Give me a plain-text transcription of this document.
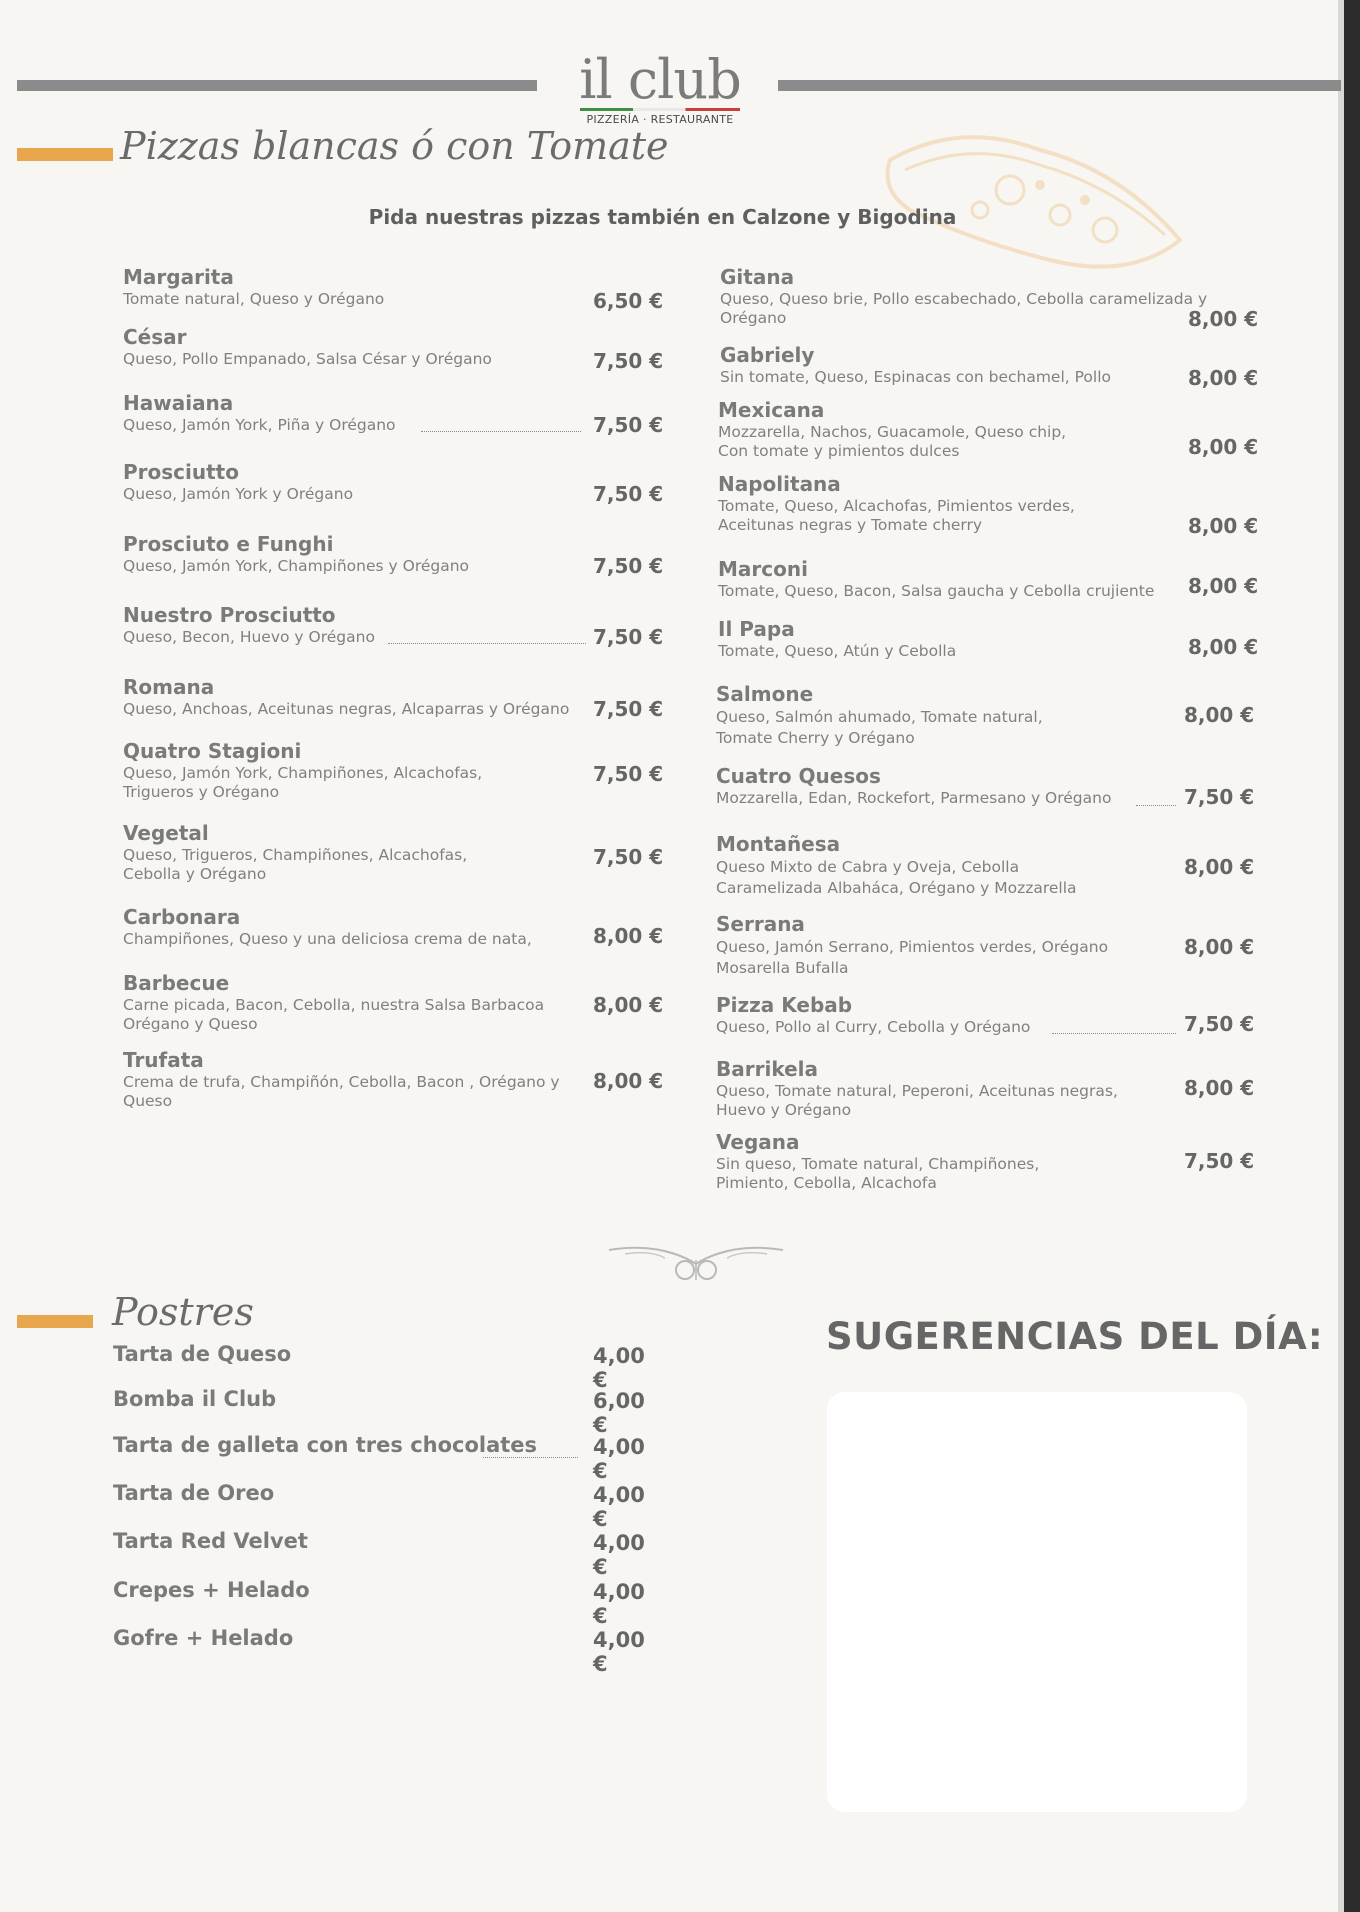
il club
PIZZERÍA · RESTAURANTE
Pizzas blancas ó con Tomate
Pida nuestras pizzas también en Calzone y Bigodina
Margarita
Tomate natural, Queso y Orégano	6,50 €
César
Queso, Pollo Empanado, Salsa César y Orégano	7,50 €
Hawaiana
Queso, Jamón York, Piña y Orégano	7,50 €
Prosciutto
Queso, Jamón York y Orégano	7,50 €
Prosciuto e Funghi
Queso, Jamón York, Champiñones y Orégano	7,50 €
Nuestro Prosciutto
Queso, Becon, Huevo y Orégano	7,50 €
Romana
Queso, Anchoas, Aceitunas negras, Alcaparras y Orégano	7,50 €
Quatro Stagioni
Queso, Jamón York, Champiñones, Alcachofas, Trigueros y Orégano
7,50 €
Vegetal
Queso, Trigueros, Champiñones, Alcachofas, Cebolla y Orégano
7,50 €
Carbonara
Champiñones, Queso y una deliciosa crema de nata,	8,00 €
Barbecue
Carne picada, Bacon, Cebolla, nuestra Salsa Barbacoa Orégano y Queso
8,00 €
Trufata
Crema de trufa, Champiñón, Cebolla, Bacon , Orégano y Queso
8,00 €
Gitana
Queso, Queso brie, Pollo escabechado, Cebolla caramelizada y Orégano	8,00 €
Gabriely
Sin tomate, Queso, Espinacas con bechamel, Pollo	8,00 €
Mexicana
Mozzarella, Nachos, Guacamole, Queso chip, Con tomate y pimientos dulces	8,00 €
Napolitana
Tomate, Queso, Alcachofas, Pimientos verdes, Aceitunas negras y Tomate cherry	8,00 €
Marconi
Tomate, Queso, Bacon, Salsa gaucha y Cebolla crujiente	8,00 €
Il Papa
Tomate, Queso, Atún y Cebolla	8,00 €
Salmone
Queso, Salmón ahumado, Tomate natural, Tomate Cherry y Orégano
8,00 €
Cuatro Quesos
Mozzarella, Edan, Rockefort, Parmesano y Orégano	7,50 €
Montañesa
Queso Mixto de Cabra y Oveja, Cebolla Caramelizada Albaháca, Orégano y Mozzarella
8,00 €
Serrana
Queso, Jamón Serrano, Pimientos verdes, Orégano Mosarella Bufalla
8,00 €
Pizza Kebab
Queso, Pollo al Curry, Cebolla y Orégano	7,50 €
Barrikela
Queso, Tomate natural, Peperoni, Aceitunas negras, Huevo y Orégano
8,00 €
Vegana
Sin queso, Tomate natural, Champiñones, Pimiento, Cebolla, Alcachofa
7,50 €
Postres
Tarta de Queso	4,00 €
Bomba il Club	6,00 €
Tarta de galleta con tres chocolates	4,00 €
Tarta de Oreo	4,00 €
Tarta Red Velvet	4,00 €
Crepes + Helado	4,00 €
Gofre + Helado	4,00 €
SUGERENCIAS DEL DÍA:
